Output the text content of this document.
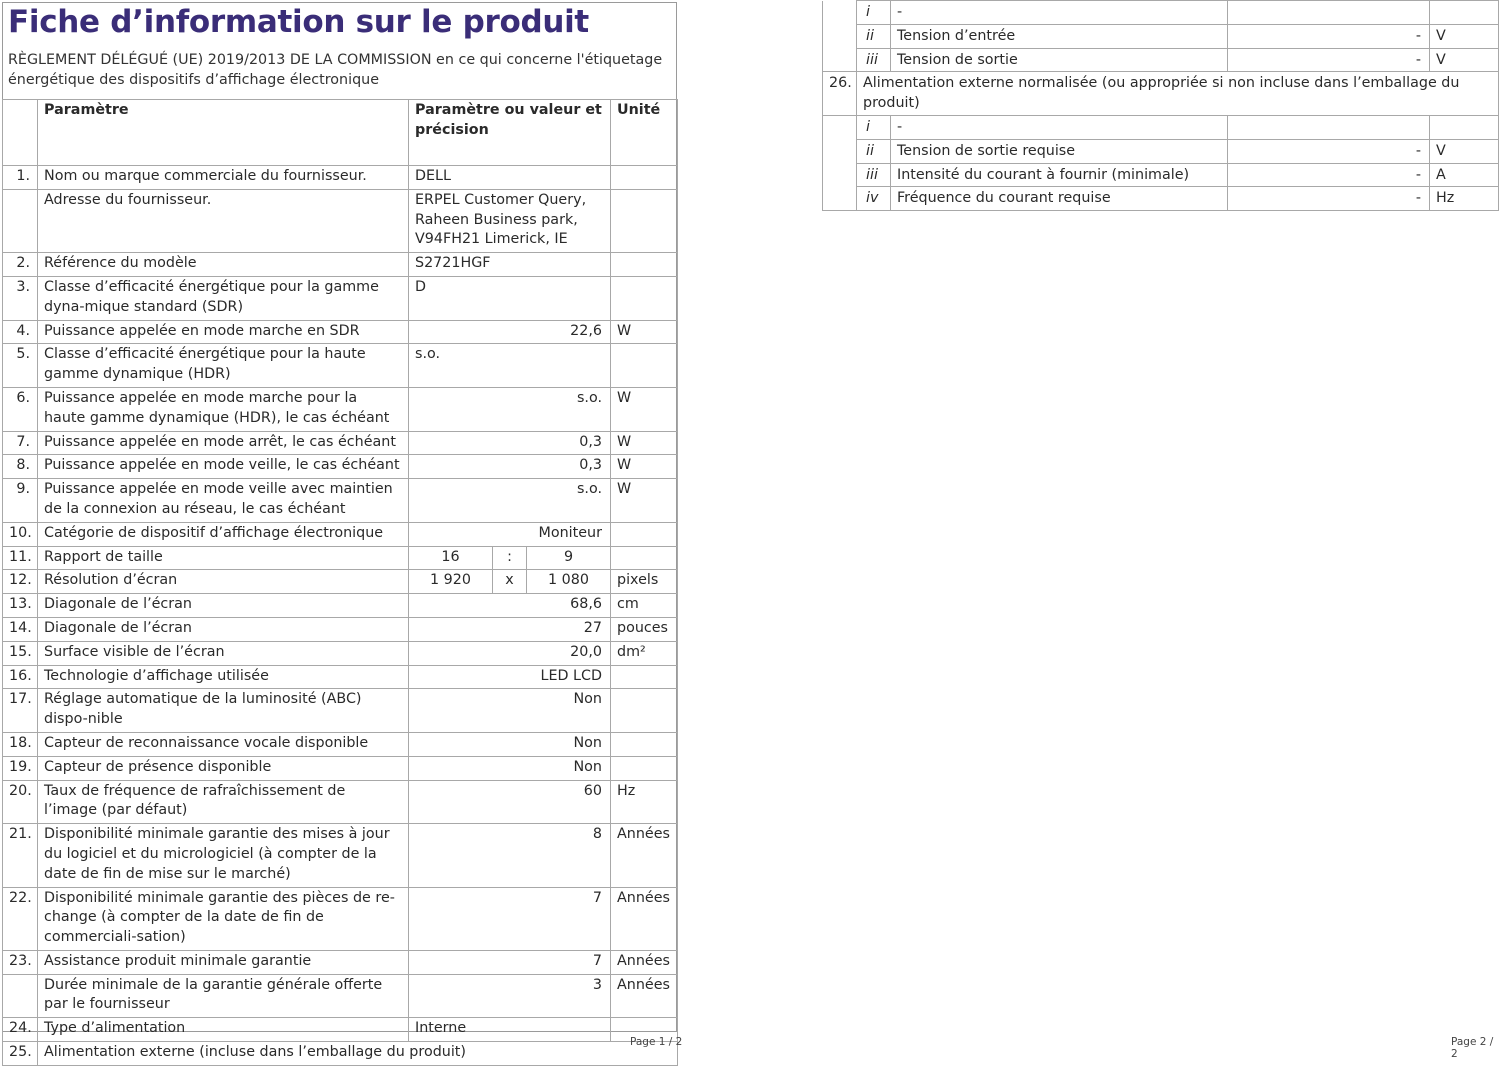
Fiche d’information sur le produit
RÈGLEMENT DÉLÉGUÉ (UE) 2019/2013 DE LA COMMISSION en ce qui concerne l'étiquetage énergétique des dispositifs d’affichage électronique
	Paramètre	Paramètre ou valeur et précision			Unité
1.	Nom ou marque commerciale du fournisseur.	DELL			
	Adresse du fournisseur.	ERPEL Customer Query, Raheen Business park, V94FH21 Limerick, IE			
2.	Référence du modèle	S2721HGF			
3.	Classe d’efficacité énergétique pour la gamme dyna-mique standard (SDR)	D			
4.	Puissance appelée en mode marche en SDR	22,6			W
5.	Classe d’efficacité énergétique pour la haute gamme dynamique (HDR)	s.o.			
6.	Puissance appelée en mode marche pour la haute gamme dynamique (HDR), le cas échéant	s.o.			W
7.	Puissance appelée en mode arrêt, le cas échéant	0,3			W
8.	Puissance appelée en mode veille, le cas échéant	0,3			W
9.	Puissance appelée en mode veille avec maintien de la connexion au réseau, le cas échéant	s.o.			W
10.	Catégorie de dispositif d’affichage électronique	Moniteur			
11.	Rapport de taille	16	:	9	
12.	Résolution d’écran	1 920	x	1 080	pixels
13.	Diagonale de l’écran	68,6			cm
14.	Diagonale de l’écran	27			pouces
15.	Surface visible de l’écran	20,0			dm²
16.	Technologie d’affichage utilisée	LED LCD			
17.	Réglage automatique de la luminosité (ABC) dispo-nible	Non			
18.	Capteur de reconnaissance vocale disponible	Non			
19.	Capteur de présence disponible	Non			
20.	Taux de fréquence de rafraîchissement de l’image (par défaut)	60			Hz
21.	Disponibilité minimale garantie des mises à jour du logiciel et du micrologiciel (à compter de la date de fin de mise sur le marché)	8			Années
22.	Disponibilité minimale garantie des pièces de re-change (à compter de la date de fin de commerciali-sation)	7			Années
23.	Assistance produit minimale garantie	7			Années
	Durée minimale de la garantie générale offerte par le fournisseur	3			Années
24.	Type d’alimentation	Interne			
25.	Alimentation externe (incluse dans l’emballage du produit)				
Page 1 / 2
	i	-		
	ii	Tension d’entrée	-	V
	iii	Tension de sortie	-	V
26.	Alimentation externe normalisée (ou appropriée si non incluse dans l’emballage du produit)			
	i	-		
	ii	Tension de sortie requise	-	V
	iii	Intensité du courant à fournir (minimale)	-	A
	iv	Fréquence du courant requise	-	Hz
Page 2 / 2
